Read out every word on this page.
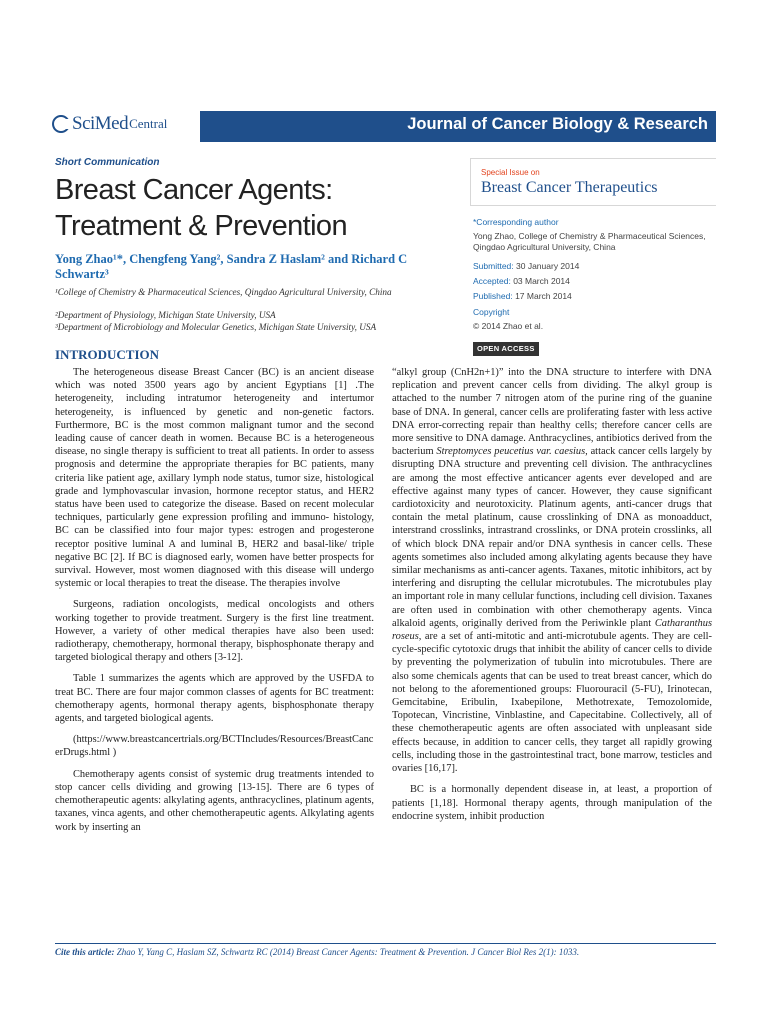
SciMed Central	Journal of Cancer Biology & Research
Short Communication
Breast Cancer Agents: Treatment & Prevention
Yong Zhao¹*, Chengfeng Yang², Sandra Z Haslam² and Richard C Schwartz³
¹College of Chemistry & Pharmaceutical Sciences, Qingdao Agricultural University, China
²Department of Physiology, Michigan State University, USA
³Department of Microbiology and Molecular Genetics, Michigan State University, USA
Special Issue on
Breast Cancer Therapeutics
*Corresponding author
Yong Zhao, College of Chemistry & Pharmaceutical Sciences, Qingdao Agricultural University, China
Submitted: 30 January 2014
Accepted: 03 March 2014
Published: 17 March 2014
Copyright
© 2014 Zhao et al.
OPEN ACCESS
INTRODUCTION

The heterogeneous disease Breast Cancer (BC) is an ancient disease which was noted 3500 years ago by ancient Egyptians [1] .The heterogeneity, including intratumor heterogeneity and intertumor heterogeneity, is influenced by genetic and non-genetic factors. Furthermore, BC is the most common malignant tumor and the second leading cause of cancer death in women. Because BC is a heterogeneous disease, no single therapy is sufficient to treat all patients. In order to assess prognosis and determine the appropriate therapies for BC patients, many criteria like patient age, axillary lymph node status, tumor size, histological grade and lymphovascular invasion, hormone receptor status, and HER2 status have been used to categorize the disease. Based on recent molecular techniques, particularly gene expression profiling and immuno- histology, BC can be classified into four major types: estrogen and progesterone receptor positive luminal A and luminal B, HER2 and basal-like/ triple negative BC [2]. If BC is diagnosed early, women have better prospects for survival. However, most women diagnosed with this disease will undergo systemic or local therapies to treat the disease. The therapies involve

Surgeons, radiation oncologists, medical oncologists and others working together to provide treatment. Surgery is the first line treatment. However, a variety of other medical therapies have also been used: radiotherapy, chemotherapy, hormonal therapy, bisphosphonate therapy and targeted biological therapy and others [3-12].

Table 1 summarizes the agents which are approved by the USFDA to treat BC. There are four major common classes of agents for BC treatment: chemotherapy agents, hormonal therapy agents, bisphosphonate therapy agents, and targeted biological agents.

(https://www.breastcancertrials.org/BCTIncludes/Resources/BreastCancerDrugs.html )

Chemotherapy agents consist of systemic drug treatments intended to stop cancer cells dividing and growing [13-15]. There are 6 types of chemotherapeutic agents: alkylating agents, anthracyclines, platinum agents, taxanes, vinca agents, and other chemotherapeutic agents. Alkylating agents work by inserting an

“alkyl group (CnH2n+1)” into the DNA structure to interfere with DNA replication and prevent cancer cells from dividing. The alkyl group is attached to the number 7 nitrogen atom of the purine ring of the guanine base of DNA. In general, cancer cells are proliferating faster with less active DNA error-correcting repair than healthy cells; therefore cancer cells are more sensitive to DNA damage. Anthracyclines, antibiotics derived from the bacterium Streptomyces peucetius var. caesius, attack cancer cells largely by disrupting DNA structure and preventing cell division. The anthracyclines are among the most effective anticancer agents ever developed and are effective against many types of cancer. However, they cause significant cardiotoxicity and neurotoxicity. Platinum agents, anti-cancer drugs that contain the metal platinum, cause crosslinking of DNA as monoadduct, interstrand crosslinks, intrastrand crosslinks, or DNA protein crosslinks, all of which block DNA repair and/or DNA synthesis in cancer cells. These agents sometimes also included among alkylating agents because they have similar mechanisms as anti-cancer agents. Taxanes, mitotic inhibitors, act by interfering and disrupting the cellular microtubules. The microtubules play an important role in many cellular functions, including cell division. Taxanes are often used in combination with other chemotherapy agents. Vinca alkaloid agents, originally derived from the Periwinkle plant Catharanthus roseus, are a set of anti-mitotic and anti-microtubule agents. They are cell- cycle-specific cytotoxic drugs that inhibit the ability of cancer cells to divide by preventing the polymerization of tubulin into microtubules. There are also some chemicals agents that can be used to treat breast cancer, which do not belong to the aforementioned groups: Fluorouracil (5-FU), Irinotecan, Gemcitabine, Eribulin, Ixabepilone, Methotrexate, Temozolomide, Topotecan, Vincristine, Vinblastine, and Capecitabine. Collectively, all of these chemotherapeutic agents are often associated with unpleasant side effects because, in addition to cancer cells, they target all rapidly growing cells, including those in the gastrointestinal tract, bone marrow, testicles and ovaries [16,17].

BC is a hormonally dependent disease in, at least, a proportion of patients [1,18]. Hormonal therapy agents, through manipulation of the endocrine system, inhibit production

Cite this article: Zhao Y, Yang C, Haslam SZ, Schwartz RC (2014) Breast Cancer Agents: Treatment & Prevention. J Cancer Biol Res 2(1): 1033.
